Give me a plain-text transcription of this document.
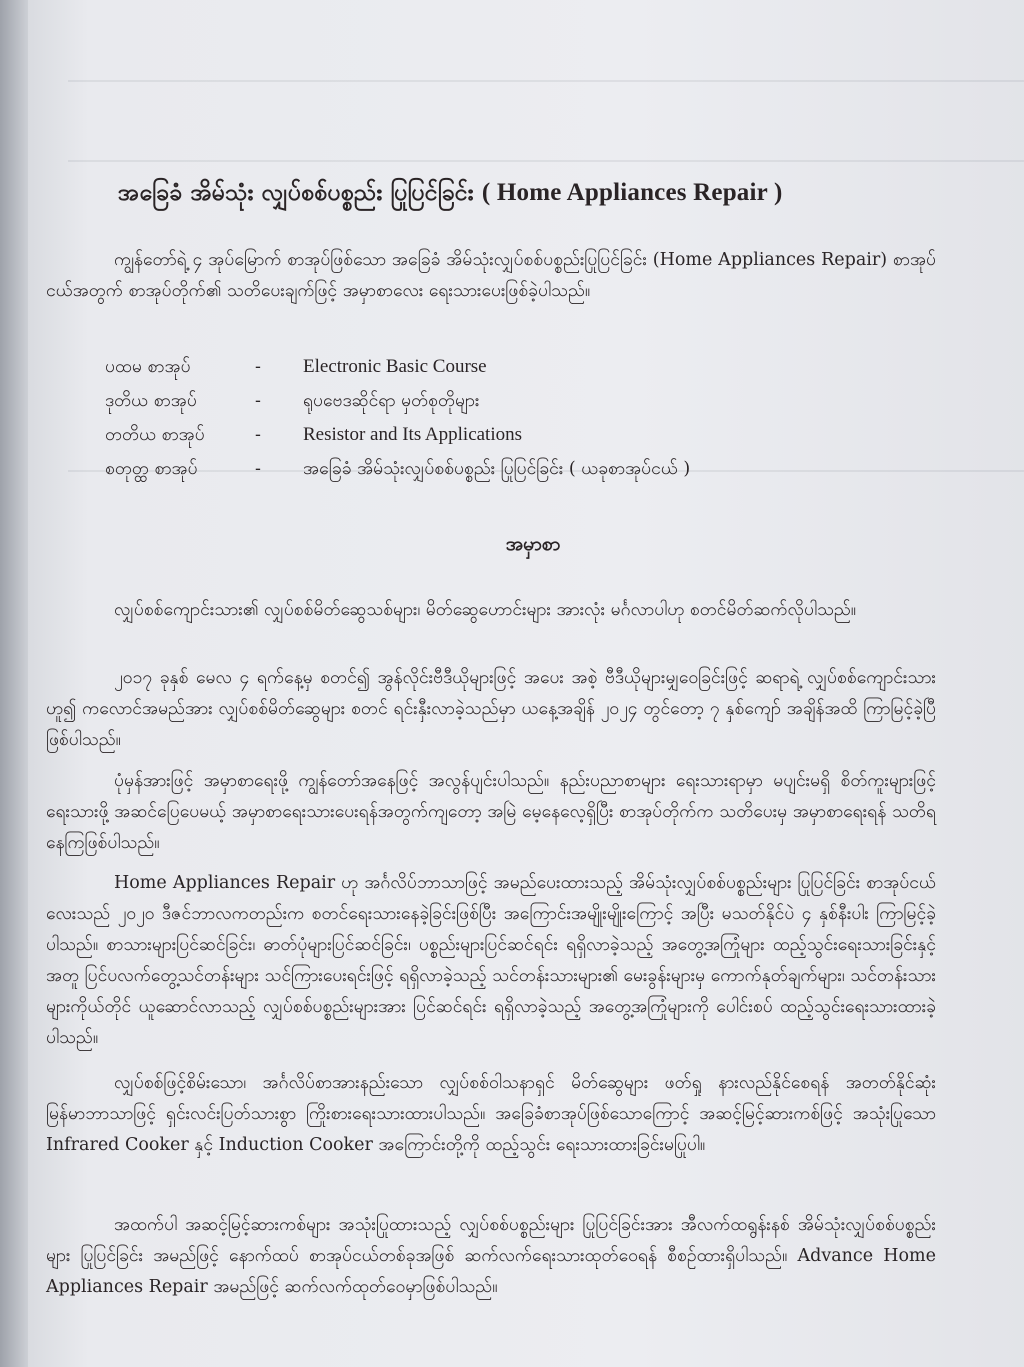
အခြေခံ အိမ်သုံး လျှပ်စစ်ပစ္စည်း ပြုပြင်ခြင်း ( Home Appliances Repair )
ကျွန်တော်ရဲ့ ၄ အုပ်မြောက် စာအုပ်ဖြစ်သော အခြေခံ အိမ်သုံးလျှပ်စစ်ပစ္စည်းပြုပြင်ခြင်း (Home Appliances Repair) စာအုပ်ငယ်အတွက် စာအုပ်တိုက်၏ သတိပေးချက်ဖြင့် အမှာစာလေး ရေးသားပေးဖြစ်ခဲ့ပါသည်။
ပထမ စာအုပ်	-	Electronic Basic Course
ဒုတိယ စာအုပ်	-	ရုပဗေဒဆိုင်ရာ မှတ်စုတိုများ
တတိယ စာအုပ်	-	Resistor and Its Applications
စတုတ္ထ စာအုပ်	-	အခြေခံ အိမ်သုံးလျှပ်စစ်ပစ္စည်း ပြုပြင်ခြင်း ( ယခုစာအုပ်ငယ် )
အမှာစာ
လျှပ်စစ်ကျောင်းသား၏ လျှပ်စစ်မိတ်ဆွေသစ်များ၊ မိတ်ဆွေဟောင်းများ အားလုံး မင်္ဂလာပါဟု စတင်မိတ်ဆက်လိုပါသည်။
၂၀၁၇ ခုနှစ် မေလ ၄ ရက်နေ့မှ စတင်၍ အွန်လိုင်းဗီဒီယိုများဖြင့် အပေး အစဲ့ ဗီဒီယိုများမျှဝေခြင်းဖြင့် ဆရာရဲ့ လျှပ်စစ်ကျောင်းသား ဟူ၍ ကလောင်အမည်အား လျှပ်စစ်မိတ်ဆွေများ စတင် ရင်းနှီးလာခဲ့သည်မှာ ယနေ့အချိန် ၂၀၂၄ တွင်တော့ ၇ နှစ်ကျော် အချိန်အထိ ကြာမြင့်ခဲ့ပြီ ဖြစ်ပါသည်။
ပုံမှန်အားဖြင့် အမှာစာရေးဖို့ ကျွန်တော်အနေဖြင့် အလွန်ပျင်းပါသည်။ နည်းပညာစာများ ရေးသားရာမှာ မပျင်းမရှိ စိတ်ကူးများဖြင့် ရေးသားဖို့ အဆင်ပြေပေမယ့် အမှာစာရေးသားပေးရန်အတွက်ကျတော့ အမြဲ မေ့နေလေ့ရှိပြီး စာအုပ်တိုက်က သတိပေးမှ အမှာစာရေးရန် သတိရနေကြဖြစ်ပါသည်။
Home Appliances Repair ဟု အင်္ဂလိပ်ဘာသာဖြင့် အမည်ပေးထားသည့် အိမ်သုံးလျှပ်စစ်ပစ္စည်းများ ပြုပြင်ခြင်း စာအုပ်ငယ်လေးသည် ၂၀၂၀ ဒီဇင်ဘာလကတည်းက စတင်ရေးသားနေခဲ့ခြင်းဖြစ်ပြီး အကြောင်းအမျိုးမျိုးကြောင့် အပြီး မသတ်နိုင်ပဲ ၄ နှစ်နီးပါး ကြာမြင့်ခဲ့ပါသည်။ စာသားများပြင်ဆင်ခြင်း၊ ဓာတ်ပုံများပြင်ဆင်ခြင်း၊ ပစ္စည်းများပြင်ဆင်ရင်း ရရှိလာခဲ့သည့် အတွေ့အကြုံများ ထည့်သွင်းရေးသားခြင်းနှင့် အတူ ပြင်ပလက်တွေ့သင်တန်းများ သင်ကြားပေးရင်းဖြင့် ရရှိလာခဲ့သည့် သင်တန်းသားများ၏ မေးခွန်းများမှ ကောက်နုတ်ချက်များ၊ သင်တန်းသားများကိုယ်တိုင် ယူဆောင်လာသည့် လျှပ်စစ်ပစ္စည်းများအား ပြင်ဆင်ရင်း ရရှိလာခဲ့သည့် အတွေ့အကြုံများကို ပေါင်းစပ် ထည့်သွင်းရေးသားထားခဲ့ပါသည်။
လျှပ်စစ်ဖြင့်စိမ်းသော၊ အင်္ဂလိပ်စာအားနည်းသော လျှပ်စစ်ဝါသနာရှင် မိတ်ဆွေများ ဖတ်ရှု နားလည်နိုင်စေရန် အတတ်နိုင်ဆုံး မြန်မာဘာသာဖြင့် ရှင်းလင်းပြတ်သားစွာ ကြိုးစားရေးသားထားပါသည်။ အခြေခံစာအုပ်ဖြစ်သောကြောင့် အဆင့်မြင့်ဆားကစ်ဖြင့် အသုံးပြုသော Infrared Cooker နှင့် Induction Cooker အကြောင်းတို့ကို ထည့်သွင်း ရေးသားထားခြင်းမပြုပါ။
အထက်ပါ အဆင့်မြင့်ဆားကစ်များ အသုံးပြုထားသည့် လျှပ်စစ်ပစ္စည်းများ ပြုပြင်ခြင်းအား အီလက်ထရွန်းနစ် အိမ်သုံးလျှပ်စစ်ပစ္စည်းများ ပြုပြင်ခြင်း အမည်ဖြင့် နောက်ထပ် စာအုပ်ငယ်တစ်ခုအဖြစ် ဆက်လက်ရေးသားထုတ်ဝေရန် စီစဉ်ထားရှိပါသည်။ Advance Home Appliances Repair အမည်ဖြင့် ဆက်လက်ထုတ်ဝေမှာဖြစ်ပါသည်။
